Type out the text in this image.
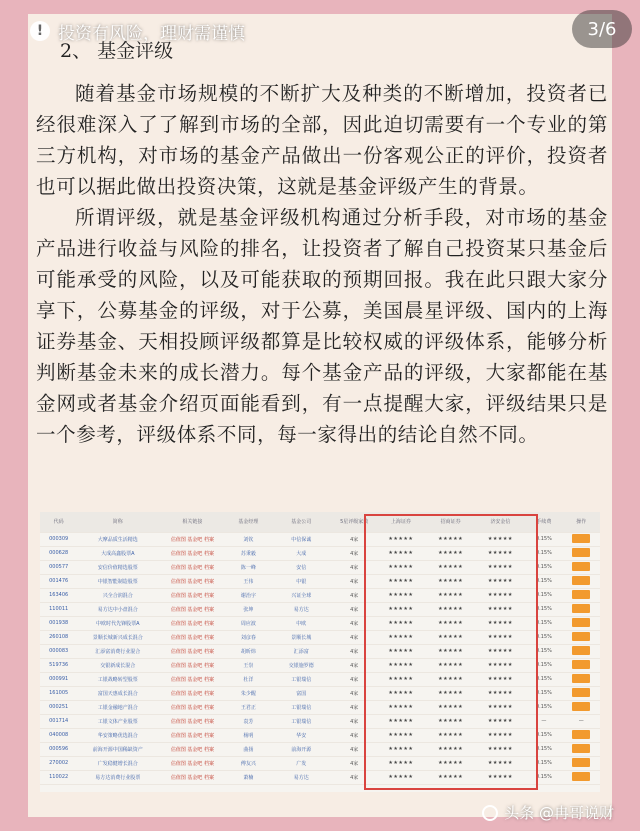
! 投资有风险，理财需谨慎	3/6
2、 基金评级

随着基金市场规模的不断扩大及种类的不断增加，投资者已经很难深入了了解到市场的全部，因此迫切需要有一个专业的第三方机构，对市场的基金产品做出一份客观公正的评价，投资者也可以据此做出投资决策，这就是基金评级产生的背景。

所谓评级，就是基金评级机构通过分析手段，对市场的基金产品进行收益与风险的排名，让投资者了解自己投资某只基金后可能承受的风险，以及可能获取的预期回报。我在此只跟大家分享下，公募基金的评级，对于公募，美国晨星评级、国内的上海证券基金、天相投顾评级都算是比较权威的评级体系，能够分析判断基金未来的成长潜力。每个基金产品的评级，大家都能在基金网或者基金介绍页面能看到，有一点提醒大家，评级结果只是一个参考，评级体系不同，每一家得出的结论自然不同。

代码	简称	相关链接	基金经理	基金公司	5星评级家数	上海证券	招商证券	济安金信	手续费	操作
000309	大摩品质生活精选	估值图 基金吧 档案	刘钦	中信保诚	4家	★★★★★	★★★★★	★★★★★	0.15%	
000628	大成高鑫股票A	估值图 基金吧 档案	苏秉毅	大成	4家	★★★★★	★★★★★	★★★★★	0.15%	
000577	安信价值精选股票	估值图 基金吧 档案	陈一峰	安信	4家	★★★★★	★★★★★	★★★★★	0.15%	
001476	中银智能制造股票	估值图 基金吧 档案	王伟	中银	4家	★★★★★	★★★★★	★★★★★	0.15%	
163406	兴全合润混合	估值图 基金吧 档案	谢治宇	兴证全球	4家	★★★★★	★★★★★	★★★★★	0.15%	
110011	易方达中小盘混合	估值图 基金吧 档案	张坤	易方达	4家	★★★★★	★★★★★	★★★★★	0.15%	
001938	中欧时代先锋股票A	估值图 基金吧 档案	周应波	中欧	4家	★★★★★	★★★★★	★★★★★	0.15%	
260108	景顺长城新兴成长混合	估值图 基金吧 档案	刘彦春	景顺长城	4家	★★★★★	★★★★★	★★★★★	0.15%	
000083	汇添富消费行业混合	估值图 基金吧 档案	胡昕炜	汇添富	4家	★★★★★	★★★★★	★★★★★	0.15%	
519736	交银新成长混合	估值图 基金吧 档案	王崇	交银施罗德	4家	★★★★★	★★★★★	★★★★★	0.15%	
000991	工银战略转型股票	估值图 基金吧 档案	杜洋	工银瑞信	4家	★★★★★	★★★★★	★★★★★	0.15%	
161005	富国天惠成长混合	估值图 基金吧 档案	朱少醒	富国	4家	★★★★★	★★★★★	★★★★★	0.15%	
000251	工银金融地产混合	估值图 基金吧 档案	王君正	工银瑞信	4家	★★★★★	★★★★★	★★★★★	0.15%	
001714	工银文体产业股票	估值图 基金吧 档案	袁芳	工银瑞信	4家	★★★★★	★★★★★	★★★★★	—	—
040008	华安策略优选混合	估值图 基金吧 档案	杨明	华安	4家	★★★★★	★★★★★	★★★★★	0.15%	
000596	前海开源中国稀缺资产	估值图 基金吧 档案	曲扬	前海开源	4家	★★★★★	★★★★★	★★★★★	0.15%	
270002	广发稳健增长混合	估值图 基金吧 档案	傅友兴	广发	4家	★★★★★	★★★★★	★★★★★	0.15%	
110022	易方达消费行业股票	估值图 基金吧 档案	萧楠	易方达	4家	★★★★★	★★★★★	★★★★★	0.15%	
头条 @冉哥说财
